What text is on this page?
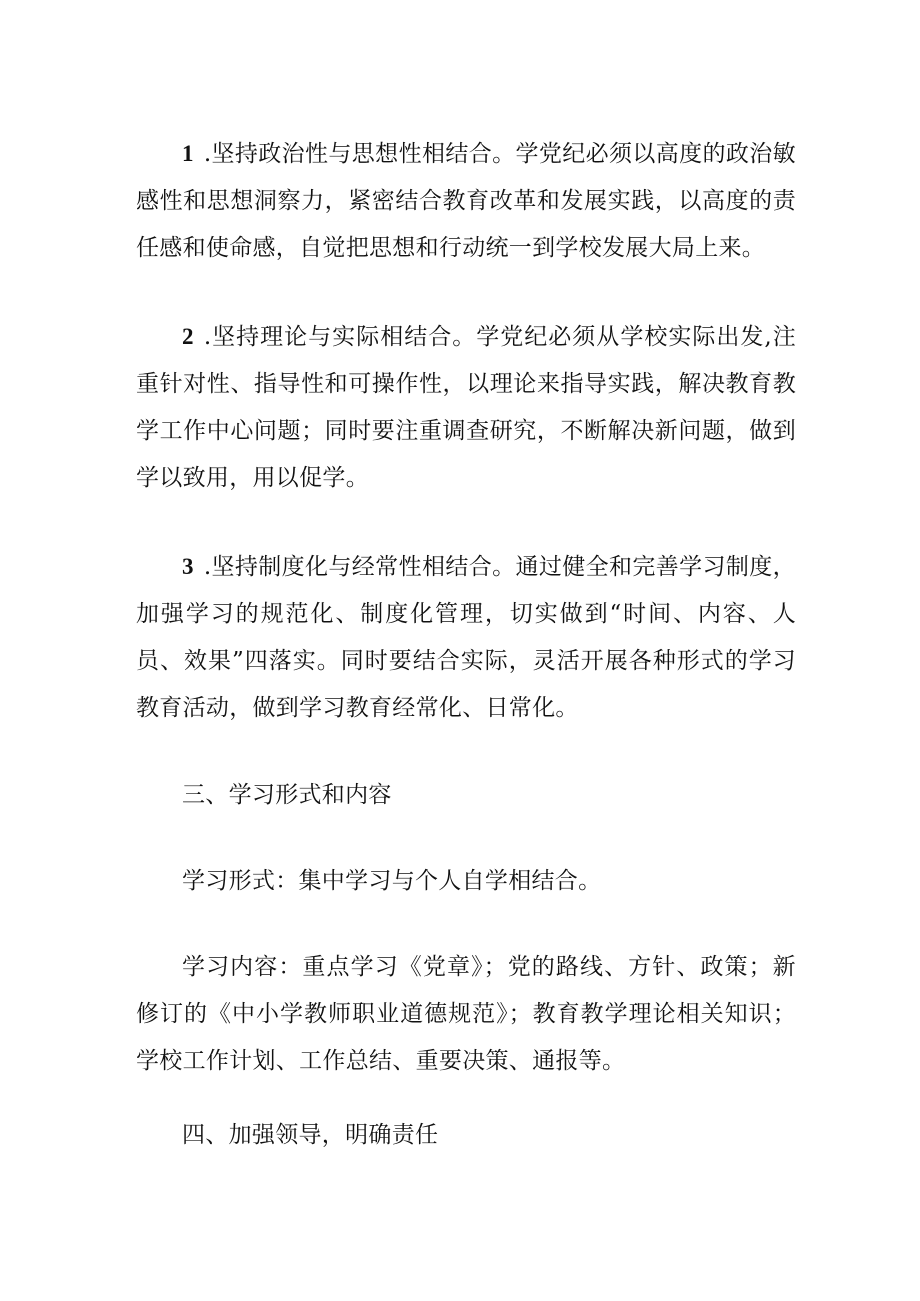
1 .坚持政治性与思想性相结合。学党纪必须以高度的政治敏感性和思想洞察力，紧密结合教育改革和发展实践，以高度的责任感和使命感，自觉把思想和行动统一到学校发展大局上来。

2 .坚持理论与实际相结合。学党纪必须从学校实际出发,注重针对性、指导性和可操作性，以理论来指导实践，解决教育教学工作中心问题；同时要注重调查研究，不断解决新问题，做到学以致用，用以促学。

3 .坚持制度化与经常性相结合。通过健全和完善学习制度，加强学习的规范化、制度化管理，切实做到“时间、内容、人员、效果”四落实。同时要结合实际，灵活开展各种形式的学习教育活动，做到学习教育经常化、日常化。

三、学习形式和内容

学习形式：集中学习与个人自学相结合。

学习内容：重点学习《党章》；党的路线、方针、政策；新修订的《中小学教师职业道德规范》；教育教学理论相关知识；学校工作计划、工作总结、重要决策、通报等。

四、加强领导，明确责任
